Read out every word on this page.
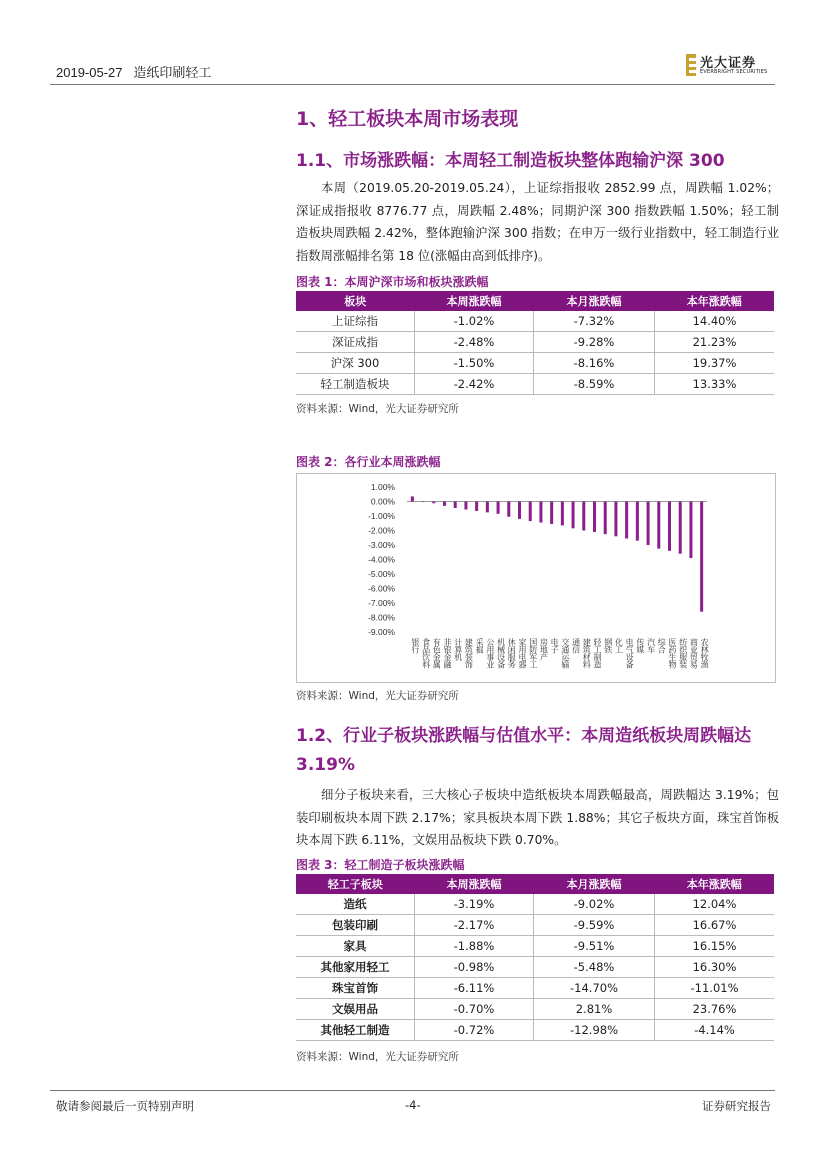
2019-05-27 造纸印刷轻工
光大证券
EVERBRIGHT SECURITIES
1、轻工板块本周市场表现
1.1、市场涨跌幅：本周轻工制造板块整体跑输沪深 300

本周（2019.05.20-2019.05.24），上证综指报收 2852.99 点，周跌幅 1.02%；深证成指报收 8776.77 点，周跌幅 2.48%；同期沪深 300 指数跌幅 1.50%；轻工制造板块周跌幅 2.42%，整体跑输沪深 300 指数；在申万一级行业指数中，轻工制造行业指数周涨幅排名第 18 位(涨幅由高到低排序)。

图表 1：本周沪深市场和板块涨跌幅
板块	本周涨跌幅	本月涨跌幅	本年涨跌幅
上证综指	-1.02%	-7.32%	14.40%
深证成指	-2.48%	-9.28%	21.23%
沪深 300	-1.50%	-8.16%	19.37%
轻工制造板块	-2.42%	-8.59%	13.33%
资料来源：Wind，光大证券研究所
图表 2：各行业本周涨跌幅
1.00%
0.00%
-1.00%
-2.00%
-3.00%
-4.00%
-5.00%
-6.00%
-7.00%
-8.00%
-9.00%
银行 食品饮料 有色金属 非银金融 计算机 建筑装饰 采掘 公用事业 机械设备 休闲服务 家用电器 国防军工 房地产 电子 交通运输 通信 建筑材料 轻工制造 钢铁 化工 电气设备 传媒 汽车 综合 医药生物 纺织服装 商业贸易 农林牧渔
资料来源：Wind，光大证券研究所
1.2、行业子板块涨跌幅与估值水平：本周造纸板块周跌幅达 3.19%

细分子板块来看，三大核心子板块中造纸板块本周跌幅最高，周跌幅达 3.19%；包装印刷板块本周下跌 2.17%；家具板块本周下跌 1.88%；其它子板块方面，珠宝首饰板块本周下跌 6.11%，文娱用品板块下跌 0.70%。

图表 3：轻工制造子板块涨跌幅
轻工子板块	本周涨跌幅	本月涨跌幅	本年涨跌幅
造纸	-3.19%	-9.02%	12.04%
包装印刷	-2.17%	-9.59%	16.67%
家具	-1.88%	-9.51%	16.15%
其他家用轻工	-0.98%	-5.48%	16.30%
珠宝首饰	-6.11%	-14.70%	-11.01%
文娱用品	-0.70%	2.81%	23.76%
其他轻工制造	-0.72%	-12.98%	-4.14%
资料来源：Wind，光大证券研究所
敬请参阅最后一页特别声明	-4-	证券研究报告
